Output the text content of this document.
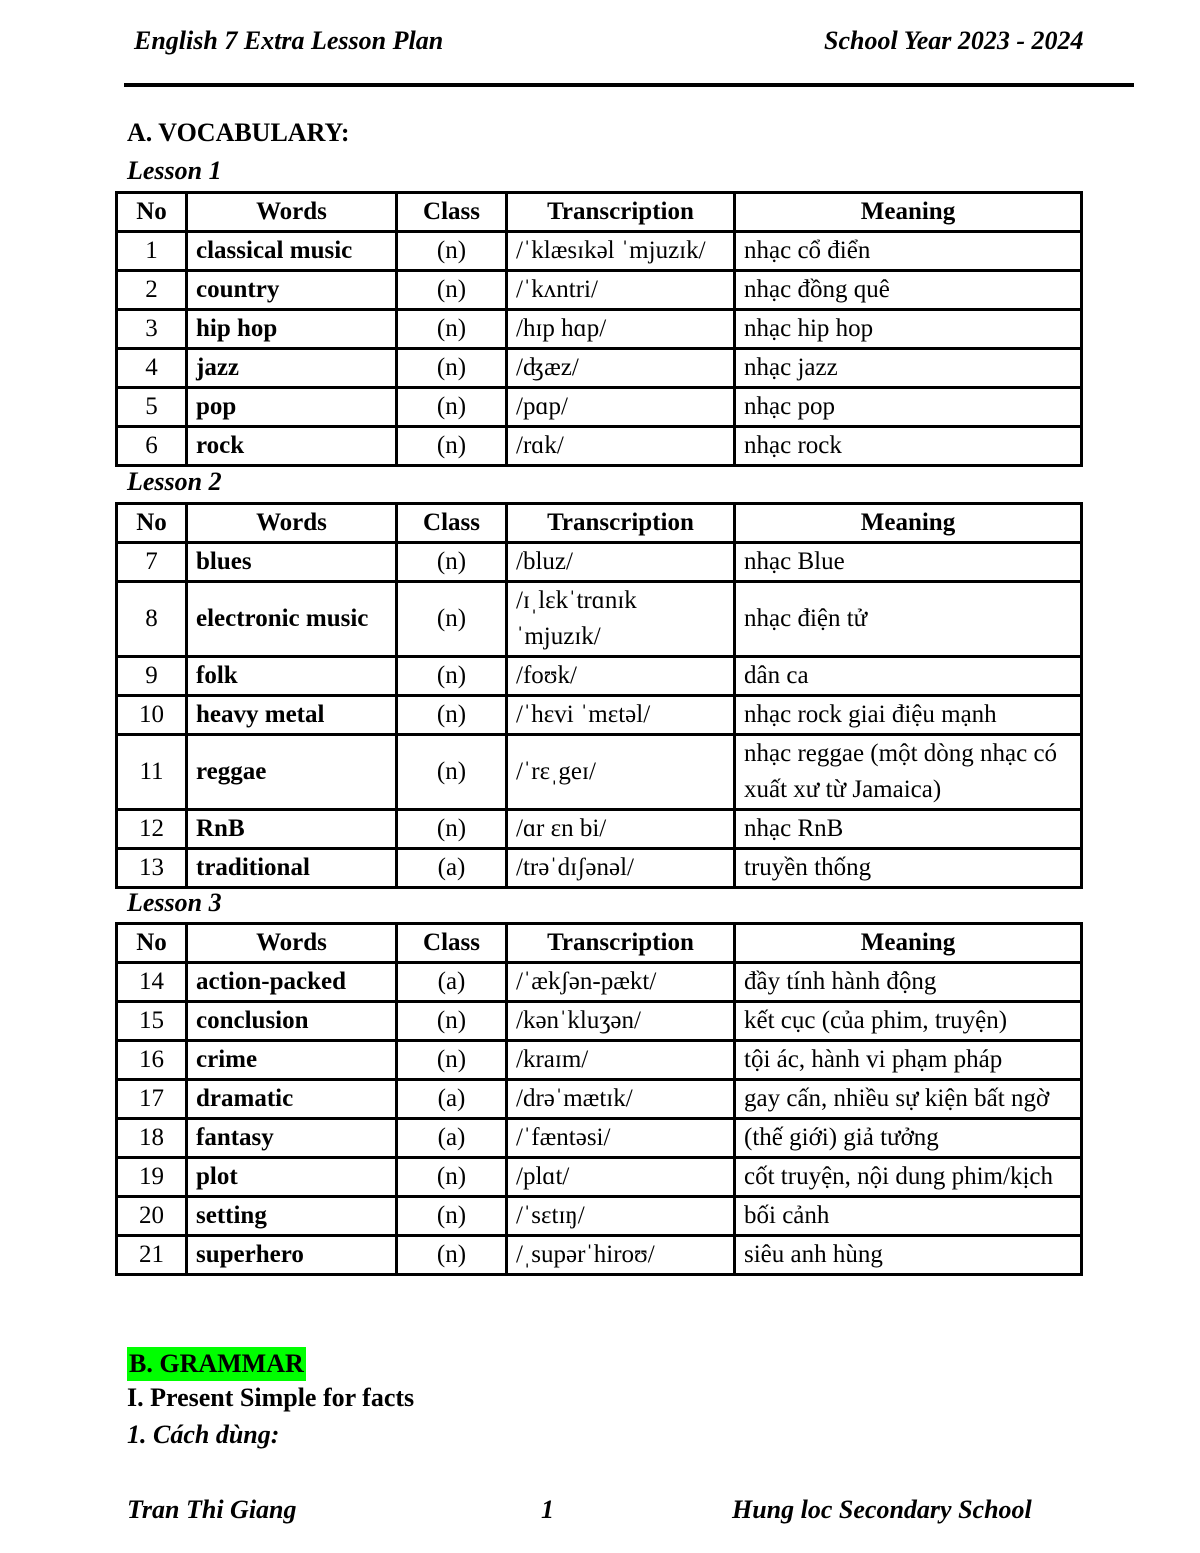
English 7 Extra Lesson Plan	School Year 2023 - 2024
A. VOCABULARY:
Lesson 1
No	Words	Class	Transcription	Meaning
1	classical music	(n)	/ˈklæsɪkəl ˈmjuzɪk/	nhạc cổ điển
2	country	(n)	/ˈkʌntri/	nhạc đồng quê
3	hip hop	(n)	/hɪp hɑp/	nhạc hip hop
4	jazz	(n)	/ʤæz/	nhạc jazz
5	pop	(n)	/pɑp/	nhạc pop
6	rock	(n)	/rɑk/	nhạc rock
Lesson 2
No	Words	Class	Transcription	Meaning
7	blues	(n)	/bluz/	nhạc Blue
8	electronic music	(n)	/ɪˌlɛkˈtrɑnɪk ˈmjuzɪk/	nhạc điện tử
9	folk	(n)	/foʊk/	dân ca
10	heavy metal	(n)	/ˈhɛvi ˈmɛtəl/	nhạc rock giai điệu mạnh
11	reggae	(n)	/ˈrɛˌgeɪ/	nhạc reggae (một dòng nhạc có xuất xư từ Jamaica)
12	RnB	(n)	/ɑr ɛn bi/	nhạc RnB
13	traditional	(a)	/trəˈdɪʃənəl/	truyền thống
Lesson 3
No	Words	Class	Transcription	Meaning
14	action-packed	(a)	/ˈækʃən-pækt/	đầy tính hành động
15	conclusion	(n)	/kənˈkluʒən/	kết cục (của phim, truyện)
16	crime	(n)	/kraɪm/	tội ác, hành vi phạm pháp
17	dramatic	(a)	/drəˈmætɪk/	gay cấn, nhiều sự kiện bất ngờ
18	fantasy	(a)	/ˈfæntəsi/	(thế giới) giả tưởng
19	plot	(n)	/plɑt/	cốt truyện, nội dung phim/kịch
20	setting	(n)	/ˈsɛtɪŋ/	bối cảnh
21	superhero	(n)	/ˌsupərˈhiroʊ/	siêu anh hùng
B. GRAMMAR
I. Present Simple for facts
1. Cách dùng:
Tran Thi Giang	1	Hung loc Secondary School
